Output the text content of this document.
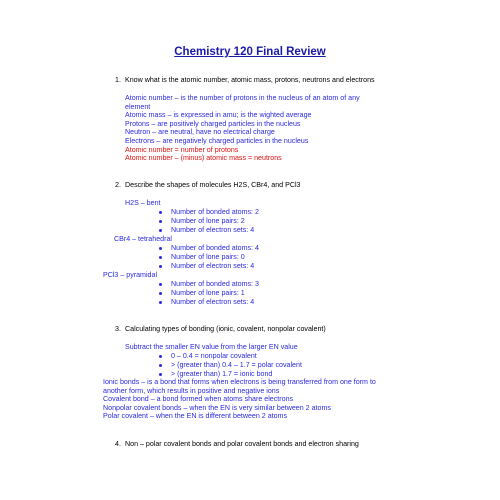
Chemistry 120 Final Review
1. Know what is the atomic number, atomic mass, protons, neutrons and electrons
Atomic number – is the number of protons in the nucleus of an atom of any
element
Atomic mass – is expressed in amu; is the wighted average
Protons – are positively charged particles in the nucleus
Neutron – are neutral, have no electrical charge
Electrons – are negatively charged particles in the nucleus
Atomic number = number of protons
Atomic number – (minus) atomic mass = neutrons
2. Describe the shapes of molecules H2S, CBr4, and PCl3
H2S – bent
Number of bonded atoms: 2
Number of lone pairs: 2
Number of electron sets: 4
CBr4 – tetrahedral
Number of bonded atoms: 4
Number of lone pairs: 0
Number of electron sets: 4
PCl3 – pyramidal
Number of bonded atoms: 3
Number of lone pairs: 1
Number of electron sets: 4
3. Calculating types of bonding (ionic, covalent, nonpolar covalent)
Subtract the smaller EN value from the larger EN value
0 – 0.4 = nonpolar covalent
> (greater than) 0.4 – 1.7 = polar covalent
> (greater than) 1.7 = ionic bond
Ionic bonds – is a bond that forms when electrons is being transferred from one form to
another form, which results in positive and negative ions
Covalent bond – a bond formed when atoms share electrons
Nonpolar covalent bonds – when the EN is very similar between 2 atoms
Polar covalent – when the EN is different between 2 atoms
4. Non – polar covalent bonds and polar covalent bonds and electron sharing
